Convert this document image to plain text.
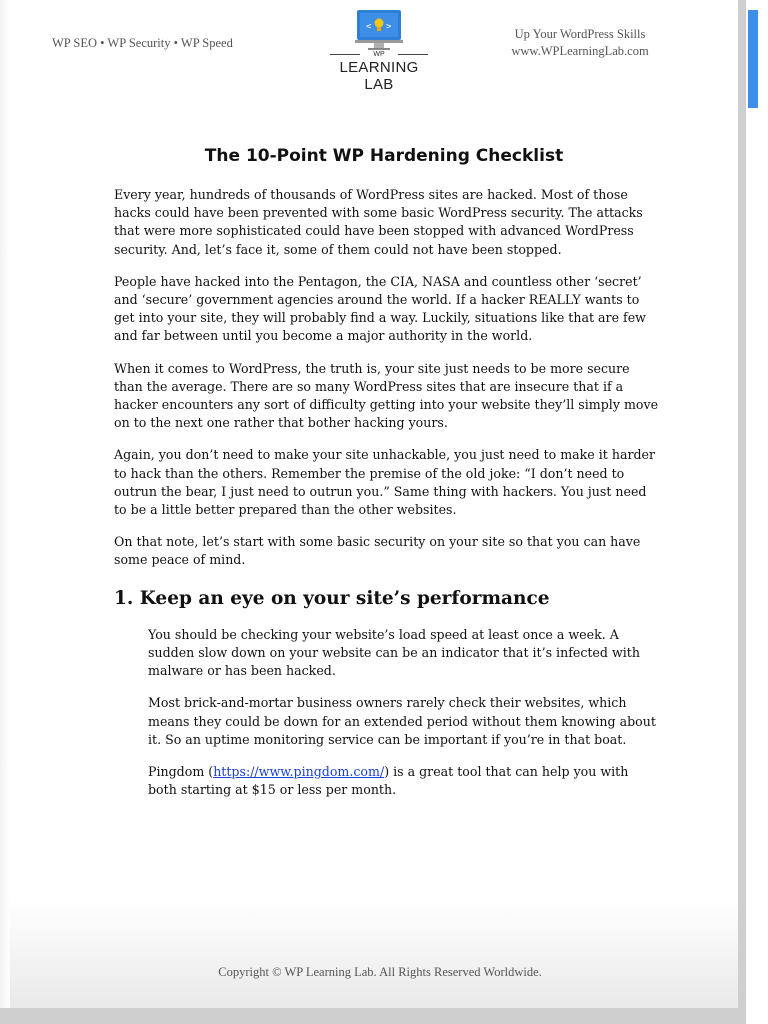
WP SEO • WP Security • WP Speed
< >
WP
LEARNING LAB
Up Your WordPress Skills
www.WPLearningLab.com
The 10-Point WP Hardening Checklist

Every year, hundreds of thousands of WordPress sites are hacked. Most of those hacks could have been prevented with some basic WordPress security. The attacks that were more sophisticated could have been stopped with advanced WordPress security. And, let’s face it, some of them could not have been stopped.

People have hacked into the Pentagon, the CIA, NASA and countless other ‘secret’ and ‘secure’ government agencies around the world. If a hacker REALLY wants to get into your site, they will probably find a way. Luckily, situations like that are few and far between until you become a major authority in the world.

When it comes to WordPress, the truth is, your site just needs to be more secure than the average. There are so many WordPress sites that are insecure that if a hacker encounters any sort of difficulty getting into your website they’ll simply move on to the next one rather that bother hacking yours.

Again, you don’t need to make your site unhackable, you just need to make it harder to hack than the others. Remember the premise of the old joke: “I don’t need to outrun the bear, I just need to outrun you.” Same thing with hackers. You just need to be a little better prepared than the other websites.

On that note, let’s start with some basic security on your site so that you can have some peace of mind.

1. Keep an eye on your site’s performance

You should be checking your website’s load speed at least once a week. A sudden slow down on your website can be an indicator that it’s infected with malware or has been hacked.

Most brick-and-mortar business owners rarely check their websites, which means they could be down for an extended period without them knowing about it. So an uptime monitoring service can be important if you’re in that boat.

Pingdom (https://www.pingdom.com/) is a great tool that can help you with both starting at $15 or less per month.

Copyright © WP Learning Lab. All Rights Reserved Worldwide.
